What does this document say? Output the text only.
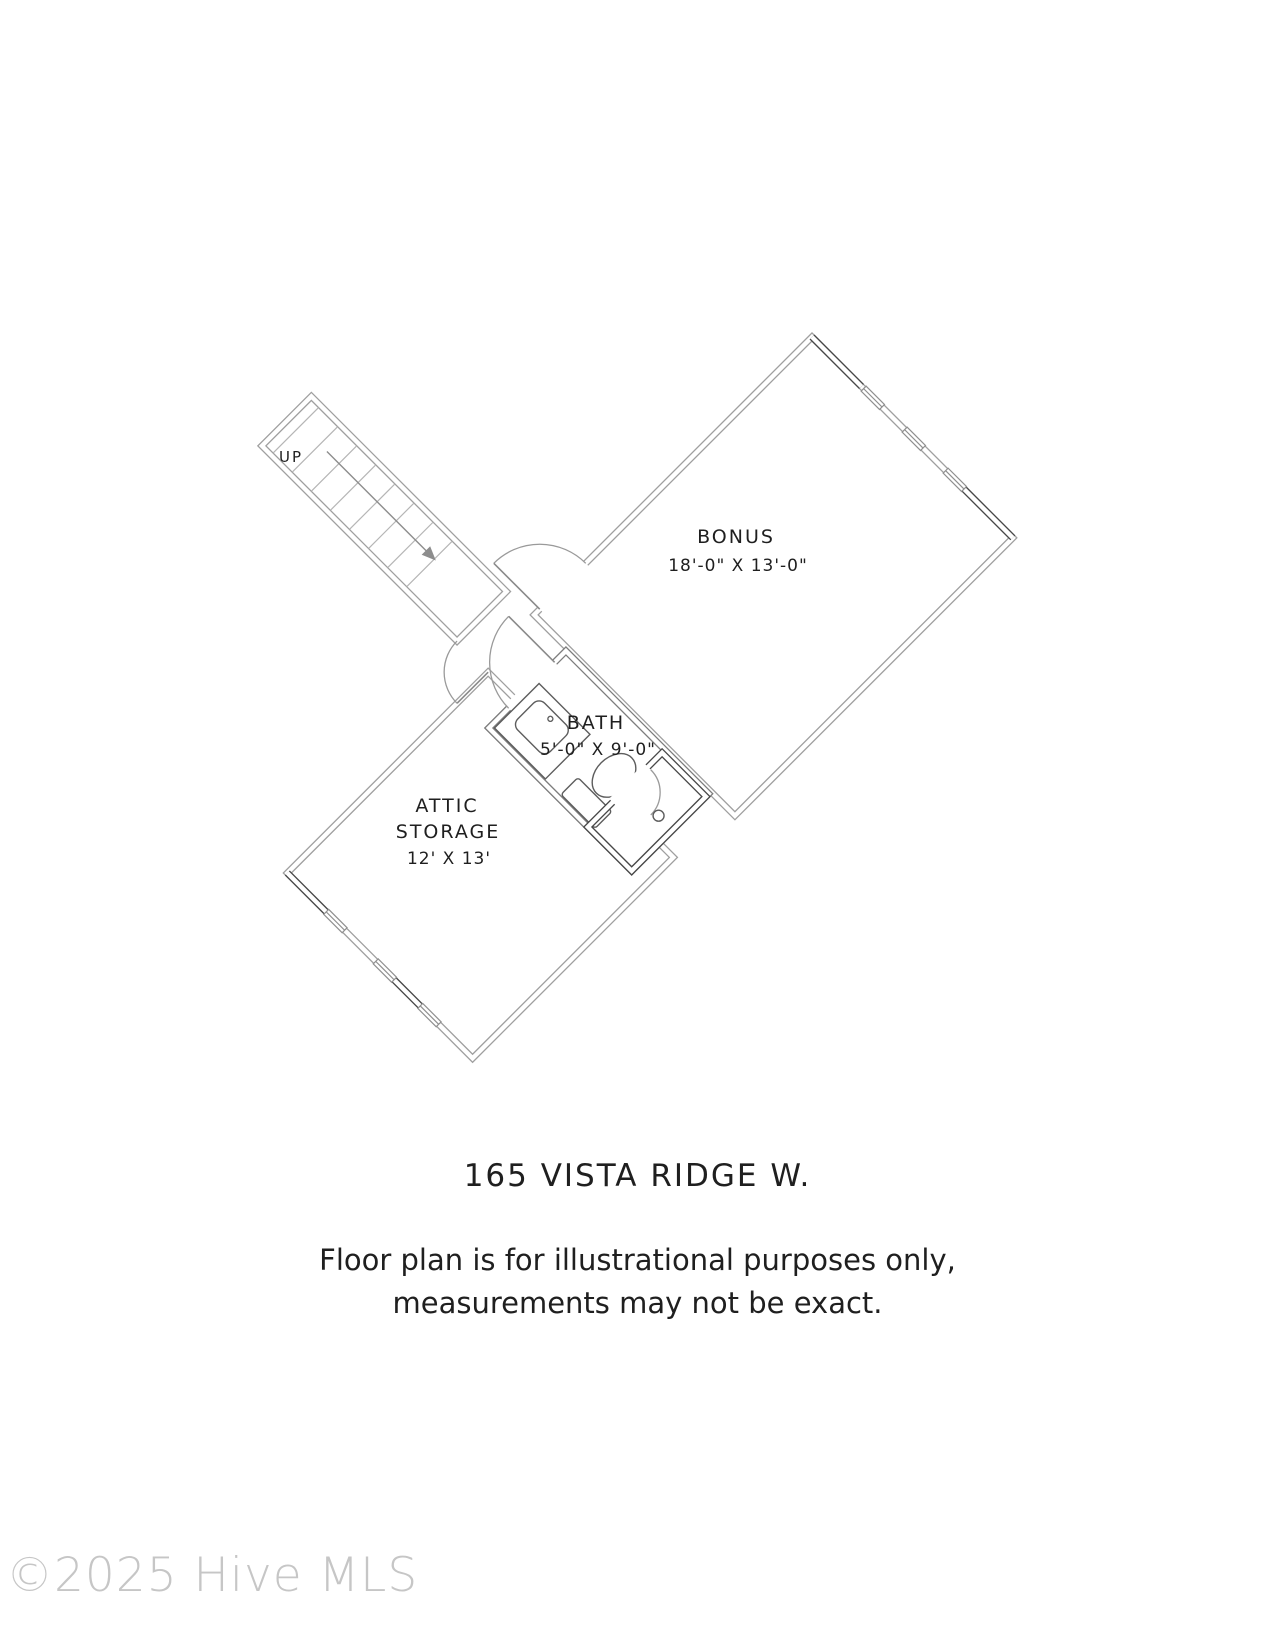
UP
BONUS
18'-0" X 13'-0"
BATH
5'-0" X 9'-0"
ATTIC
STORAGE
12' X 13'
165 VISTA RIDGE W.
Floor plan is for illustrational purposes only,
measurements may not be exact.
©2025 Hive MLS
